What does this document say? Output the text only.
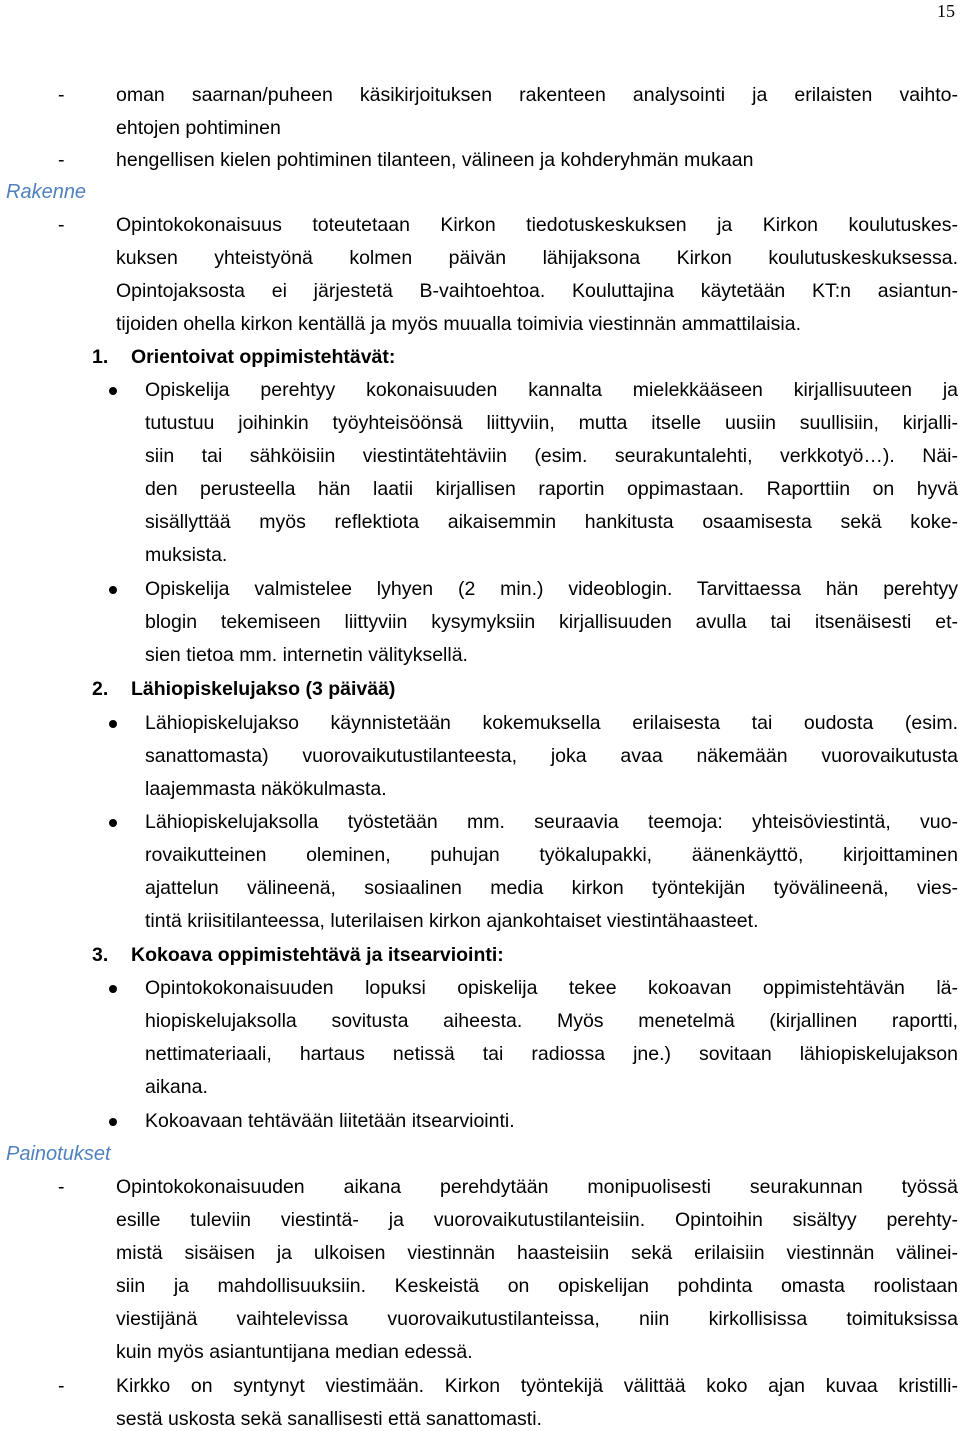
15
-	oman saarnan/puheen käsikirjoituksen rakenteen analysointi ja erilaisten vaihto-
ehtojen pohtiminen
-	hengellisen kielen pohtiminen tilanteen, välineen ja kohderyhmän mukaan
Rakenne
-	Opintokokonaisuus toteutetaan Kirkon tiedotuskeskuksen ja Kirkon koulutuskes-
kuksen yhteistyönä kolmen päivän lähijaksona Kirkon koulutuskeskuksessa.
Opintojaksosta ei järjestetä B-vaihtoehtoa. Kouluttajina käytetään KT:n asiantun-
tijoiden ohella kirkon kentällä ja myös muualla toimivia viestinnän ammattilaisia.
1. Orientoivat oppimistehtävät:
Opiskelija perehtyy kokonaisuuden kannalta mielekkääseen kirjallisuuteen ja
tutustuu joihinkin työyhteisöönsä liittyviin, mutta itselle uusiin suullisiin, kirjalli-
siin tai sähköisiin viestintätehtäviin (esim. seurakuntalehti, verkkotyö…). Näi-
den perusteella hän laatii kirjallisen raportin oppimastaan. Raporttiin on hyvä
sisällyttää myös reflektiota aikaisemmin hankitusta osaamisesta sekä koke-
muksista.
Opiskelija valmistelee lyhyen (2 min.) videoblogin. Tarvittaessa hän perehtyy
blogin tekemiseen liittyviin kysymyksiin kirjallisuuden avulla tai itsenäisesti et-
sien tietoa mm. internetin välityksellä.
2. Lähiopiskelujakso (3 päivää)
Lähiopiskelujakso käynnistetään kokemuksella erilaisesta tai oudosta (esim.
sanattomasta) vuorovaikutustilanteesta, joka avaa näkemään vuorovaikutusta
laajemmasta näkökulmasta.
Lähiopiskelujaksolla työstetään mm. seuraavia teemoja: yhteisöviestintä, vuo-
rovaikutteinen oleminen, puhujan työkalupakki, äänenkäyttö, kirjoittaminen
ajattelun välineenä, sosiaalinen media kirkon työntekijän työvälineenä, vies-
tintä kriisitilanteessa, luterilaisen kirkon ajankohtaiset viestintähaasteet.
3. Kokoava oppimistehtävä ja itsearviointi:
Opintokokonaisuuden lopuksi opiskelija tekee kokoavan oppimistehtävän lä-
hiopiskelujaksolla sovitusta aiheesta. Myös menetelmä (kirjallinen raportti,
nettimateriaali, hartaus netissä tai radiossa jne.) sovitaan lähiopiskelujakson
aikana.
Kokoavaan tehtävään liitetään itsearviointi.
Painotukset
-	Opintokokonaisuuden aikana perehdytään monipuolisesti seurakunnan työssä
esille tuleviin viestintä- ja vuorovaikutustilanteisiin. Opintoihin sisältyy perehty-
mistä sisäisen ja ulkoisen viestinnän haasteisiin sekä erilaisiin viestinnän välinei-
siin ja mahdollisuuksiin. Keskeistä on opiskelijan pohdinta omasta roolistaan
viestijänä vaihtelevissa vuorovaikutustilanteissa, niin kirkollisissa toimituksissa
kuin myös asiantuntijana median edessä.
-	Kirkko on syntynyt viestimään. Kirkon työntekijä välittää koko ajan kuvaa kristilli-
sestä uskosta sekä sanallisesti että sanattomasti.
